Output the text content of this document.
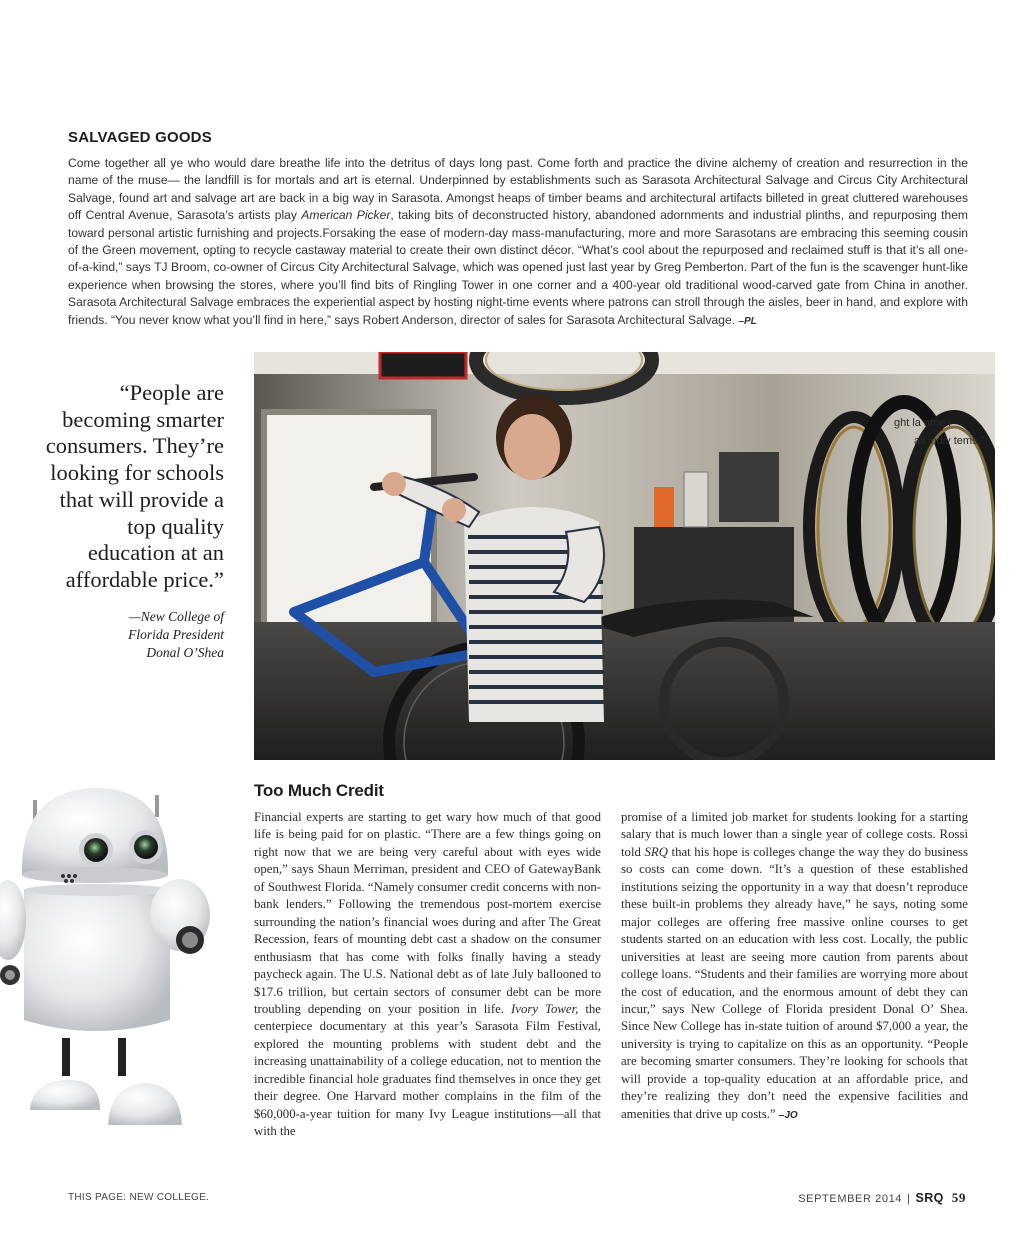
SALVAGED GOODS

Come together all ye who would dare breathe life into the detritus of days long past. Come forth and practice the divine alchemy of creation and resurrection in the name of the muse— the landfill is for mortals and art is eternal. Underpinned by establishments such as Sarasota Architectural Salvage and Circus City Architectural Salvage, found art and salvage art are back in a big way in Sarasota. Amongst heaps of timber beams and architectural artifacts billeted in great cluttered warehouses off Central Avenue, Sarasota’s artists play American Picker, taking bits of deconstructed history, abandoned adornments and industrial plinths, and repurposing them toward personal artistic furnishing and projects.Forsaking the ease of modern-day mass-manufacturing, more and more Sarasotans are embracing this seeming cousin of the Green movement, opting to recycle castaway material to create their own distinct décor. “What’s cool about the repurposed and reclaimed stuff is that it’s all one-of-a-kind,” says TJ Broom, co-owner of Circus City Architectural Salvage, which was opened just last year by Greg Pemberton. Part of the fun is the scavenger hunt-like experience when browsing the stores, where you’ll find bits of Ringling Tower in one corner and a 400-year old traditional wood-carved gate from China in another. Sarasota Architectural Salvage embraces the experiential aspect by hosting night-time events where patrons can stroll through the aisles, beer in hand, and explore with friends. “You never know what you’ll find in here,” says Robert Anderson, director of sales for Sarasota Architectural Salvage. –PL

ght la ame i
all indiv tems.”

“People are becoming smarter consumers. They’re looking for schools that will provide a top quality education at an affordable price.”

—New College of
Florida President
Donal O’Shea

Too Much Credit

Financial experts are starting to get wary how much of that good life is being paid for on plastic. “There are a few things going on right now that we are being very careful about with eyes wide open,” says Shaun Merriman, president and CEO of GatewayBank of Southwest Florida. “Namely consumer credit concerns with non-bank lenders.” Following the tremendous post-mortem exercise surrounding the nation’s financial woes during and after The Great Recession, fears of mounting debt cast a shadow on the consumer enthusiasm that has come with folks finally having a steady paycheck again. The U.S. National debt as of late July ballooned to $17.6 trillion, but certain sectors of consumer debt can be more troubling depending on your position in life. Ivory Tower, the centerpiece documentary at this year’s Sarasota Film Festival, explored the mounting problems with student debt and the increasing unattainability of a college education, not to mention the incredible financial hole graduates find themselves in once they get their degree. One Harvard mother complains in the film of the $60,000-a-year tuition for many Ivy League institutions—all that with the

promise of a limited job market for students looking for a starting salary that is much lower than a single year of college costs. Rossi told SRQ that his hope is colleges change the way they do business so costs can come down. “It’s a question of these established institutions seizing the opportunity in a way that doesn’t reproduce these built-in problems they already have,” he says, noting some major colleges are offering free massive online courses to get students started on an education with less cost. Locally, the public universities at least are seeing more caution from parents about college loans. “Students and their families are worrying more about the cost of education, and the enormous amount of debt they can incur,” says New College of Florida president Donal O’ Shea. Since New College has in-state tuition of around $7,000 a year, the university is trying to capitalize on this as an opportunity. “People are becoming smarter consumers. They’re looking for schools that will provide a top-quality education at an affordable price, and they’re realizing they don’t need the expensive facilities and amenities that drive up costs.” –JO

THIS PAGE: NEW COLLEGE.	SEPTEMBER 2014 | SRQ 59
